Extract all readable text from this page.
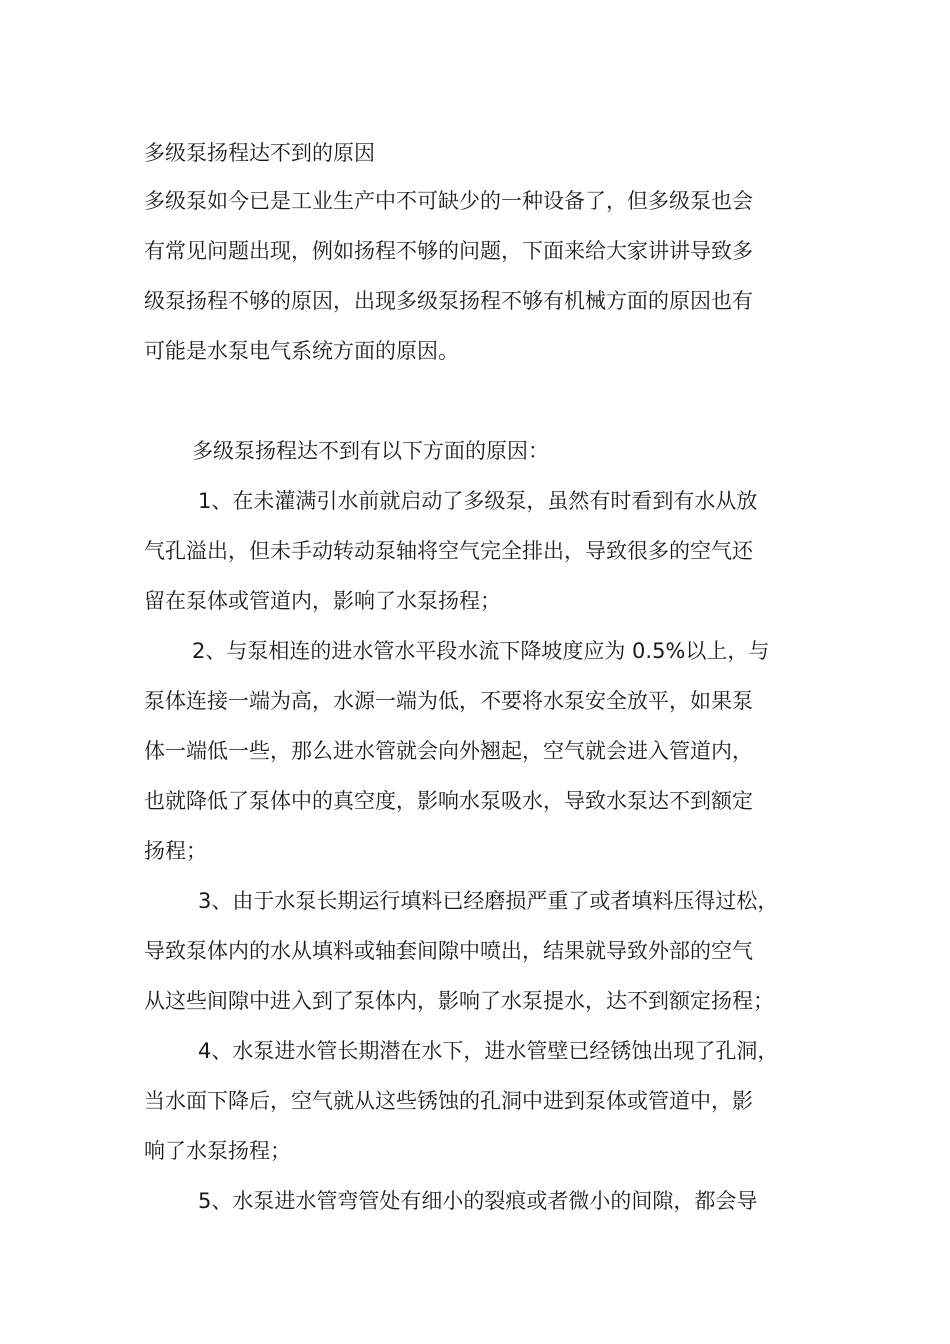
多级泵扬程达不到的原因
多级泵如今已是工业生产中不可缺少的一种设备了，但多级泵也会
有常见问题出现，例如扬程不够的问题，下面来给大家讲讲导致多
级泵扬程不够的原因，出现多级泵扬程不够有机械方面的原因也有
可能是水泵电气系统方面的原因。
多级泵扬程达不到有以下方面的原因：
1、在未灌满引水前就启动了多级泵，虽然有时看到有水从放
气孔溢出，但未手动转动泵轴将空气完全排出，导致很多的空气还
留在泵体或管道内，影响了水泵扬程；
2、与泵相连的进水管水平段水流下降坡度应为 0.5%以上，与
泵体连接一端为高，水源一端为低，不要将水泵安全放平，如果泵
体一端低一些，那么进水管就会向外翘起，空气就会进入管道内，
也就降低了泵体中的真空度，影响水泵吸水，导致水泵达不到额定
扬程；
3、由于水泵长期运行填料已经磨损严重了或者填料压得过松，
导致泵体内的水从填料或轴套间隙中喷出，结果就导致外部的空气
从这些间隙中进入到了泵体内，影响了水泵提水，达不到额定扬程；
4、水泵进水管长期潜在水下，进水管壁已经锈蚀出现了孔洞，
当水面下降后，空气就从这些锈蚀的孔洞中进到泵体或管道中，影
响了水泵扬程；
5、水泵进水管弯管处有细小的裂痕或者微小的间隙，都会导
